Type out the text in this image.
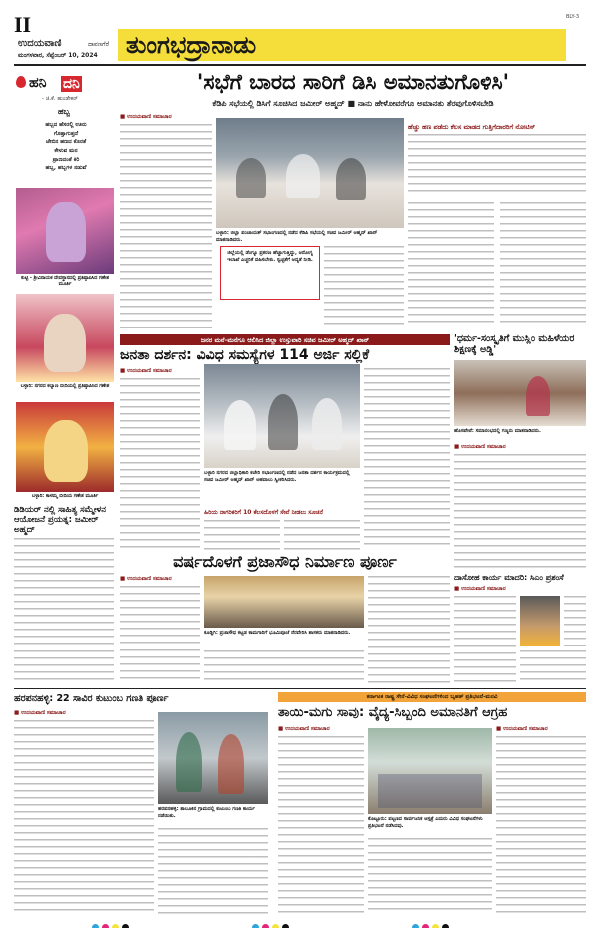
II
ಉದಯವಾಣಿ	ದಾವಣಗೆರೆ
ಮಂಗಳವಾರ, ಸೆಪ್ಟೆಂಬರ್ 10, 2024 ತುಂಗಭದ್ರಾನಾಡು
BLY-3
ಹನಿ ದನಿ
- ಜಿ.ಕೆ. ಹುಂಡೇಕರ್
ಹಬ್ಬ
ಹಬ್ಬದ ಹೆಸರಲ್ಲಿ ಊರು
ಗೊತ್ತಾಗುತ್ತದೆ
ಜೇಬಿನ ಹಣದ ಕೊರತೆ
ಕೇಳುವ ಮನ
ಪ್ರಾಣದಂತೆ ಕಿರಿ
ಹಬ್ಬ, ಹಬ್ಬಗಳ ನಡುವೆ
ಕುಟ್ಟಿ - ಶ್ರೀವಿನಾಯಕ ದೇವಸ್ಥಾನದಲ್ಲಿ ಪ್ರತಿಷ್ಠಾಪಿಸಿದ ಗಣೇಶ ಮೂರ್ತಿ
ಬಳ್ಳಾರಿ: ನಗರದ ಕಲ್ಯಾಣ ಬೀದಿಯಲ್ಲಿ ಪ್ರತಿಷ್ಠಾಪಿಸಿದ ಗಣೇಶ
ಬಳ್ಳಾರಿ: ಕಾಳಮ್ಮ ಬೀದಿಯ ಗಣೇಶ ಮೂರ್ತಿ
ಡಿಡಿಯರ್ ನಲ್ಲಿ ಸಾಹಿತ್ಯ ಸಮ್ಮೇಳನ ಆಯೋಜನೆ ಪ್ರಯತ್ನ: ಜಮೀರ್ ಅಹ್ಮದ್
'ಸಭೆಗೆ ಬಾರದ ಸಾರಿಗೆ ಡಿಸಿ ಅಮಾನತುಗೊಳಿಸಿ'
ಕೆಡಿಪಿ ಸಭೆಯಲ್ಲಿ ಡಿಸಿಗೆ ಸೂಚಿಸಿದ ಜಮೀರ್ ಅಹ್ಮದ್ ■ ನಾನು ಹೇಳೋವರೆಗೂ ಅಮಾನತು ತೆರವುಗೊಳಿಸಬೇಡಿ
■ ಉದಯವಾಣಿ ಸಮಾಚಾರ
ಬಳ್ಳಾರಿ: ಜಿಲ್ಲಾ ಪಂಚಾಯತ್ ಸಭಾಂಗಣದಲ್ಲಿ ನಡೆದ ಕೆಡಿಪಿ ಸಭೆಯಲ್ಲಿ ಸಚಿವ ಜಮೀರ್ ಅಹ್ಮದ್ ಖಾನ್ ಮಾತನಾಡಿದರು.
ಜಿಲ್ಲೆಯಲ್ಲಿ ಡೆಂಗ್ಯೂ ಪ್ರಕರಣ ಹೆಚ್ಚಾಗುತ್ತಿದ್ದು, ಆರೋಗ್ಯ ಇಲಾಖೆ ಎಚ್ಚರಿಕೆ ವಹಿಸಬೇಕು. ಸ್ವಚ್ಛತೆಗೆ ಆದ್ಯತೆ ನೀಡಿ.
ಹೆಚ್ಚು ಹಣ ಪಡೆದು ಕೆಲಸ ಮಾಡದ ಗುತ್ತಿಗೆದಾರರಿಗೆ ನೋಟಿಸ್
ಜನರ ಮನೆ-ಮನೆಗೂ ಆಲಿಸಿದ ಜಿಲ್ಲಾ ಉಸ್ತುವಾರಿ ಸಚಿವ ಜಮೀರ್ ಅಹ್ಮದ್ ಖಾನ್
ಜನತಾ ದರ್ಶನ: ವಿವಿಧ ಸಮಸ್ಯೆಗಳ 114 ಅರ್ಜಿ ಸಲ್ಲಿಕೆ
■ ಉದಯವಾಣಿ ಸಮಾಚಾರ
ಬಳ್ಳಾರಿ ನಗರದ ಜಿಲ್ಲಾಧಿಕಾರಿ ಕಚೇರಿ ಸಭಾಂಗಣದಲ್ಲಿ ನಡೆದ ಜನತಾ ದರ್ಶನ ಕಾರ್ಯಕ್ರಮದಲ್ಲಿ ಸಚಿವ ಜಮೀರ್ ಅಹ್ಮದ್ ಖಾನ್ ಅಹವಾಲು ಸ್ವೀಕರಿಸಿದರು.
ಹಿರಿಯ ನಾಗರಿಕರಿಗೆ 10 ಕೆಲಸದೊಳಗೆ ಸೇವೆ ನೀಡಲು ಸೂಚನೆ
'ಧರ್ಮ-ಸಂಸ್ಕೃತಿಗೆ ಮುಸ್ಲಿಂ ಮಹಿಳೆಯರ ಶಿಕ್ಷಣಕ್ಕೆ ಅಡ್ಡಿ'
ಹೊಸಪೇಟೆ: ಸಮಾರಂಭದಲ್ಲಿ ಗಣ್ಯರು ಮಾತನಾಡಿದರು.
■ ಉದಯವಾಣಿ ಸಮಾಚಾರ
ವರ್ಷದೊಳಗೆ ಪ್ರಜಾಸೌಧ ನಿರ್ಮಾಣ ಪೂರ್ಣ
■ ಉದಯವಾಣಿ ಸಮಾಚಾರ
ಕೂಡ್ಲಿಗಿ: ಪ್ರಜಾಸೌಧ ಕಟ್ಟಡ ಕಾಮಗಾರಿಗೆ ಭೂಮಿಪೂಜೆ ನೆರವೇರಿಸಿ ಶಾಸಕರು ಮಾತನಾಡಿದರು.
ದಾಸೋಹ ಕಾರ್ಯ ಮಾದರಿ: ಸಿಎಂ ಪ್ರಶಂಸೆ
■ ಉದಯವಾಣಿ ಸಮಾಚಾರ
ಹರಪನಹಳ್ಳಿ: 22 ಸಾವಿರ ಕುಟುಂಬ ಗಣತಿ ಪೂರ್ಣ
■ ಉದಯವಾಣಿ ಸಮಾಚಾರ
ಹರಪನಹಳ್ಳಿ: ತಾಲೂಕಿನ ಗ್ರಾಮದಲ್ಲಿ ಕುಟುಂಬ ಗಣತಿ ಕಾರ್ಯ ನಡೆಯಿತು.
ಕರ್ನಾಟಕ ರಾಷ್ಟ್ರ ಸೇನೆ-ವಿವಿಧ ಸಂಘಟನೆಗಳಿಂದ ಬೃಹತ್ ಪ್ರತಿಭಟನೆ-ಮನವಿ
ತಾಯಿ-ಮಗು ಸಾವು: ವೈದ್ಯ-ಸಿಬ್ಬಂದಿ ಅಮಾನತಿಗೆ ಆಗ್ರಹ
■ ಉದಯವಾಣಿ ಸಮಾಚಾರ
ಕೊಟ್ಟೂರು: ಪಟ್ಟಣದ ಸಾರ್ವಜನಿಕ ಆಸ್ಪತ್ರೆ ಎದುರು ವಿವಿಧ ಸಂಘಟನೆಗಳು ಪ್ರತಿಭಟನೆ ನಡೆಸಿದವು.
■ ಉದಯವಾಣಿ ಸಮಾಚಾರ
